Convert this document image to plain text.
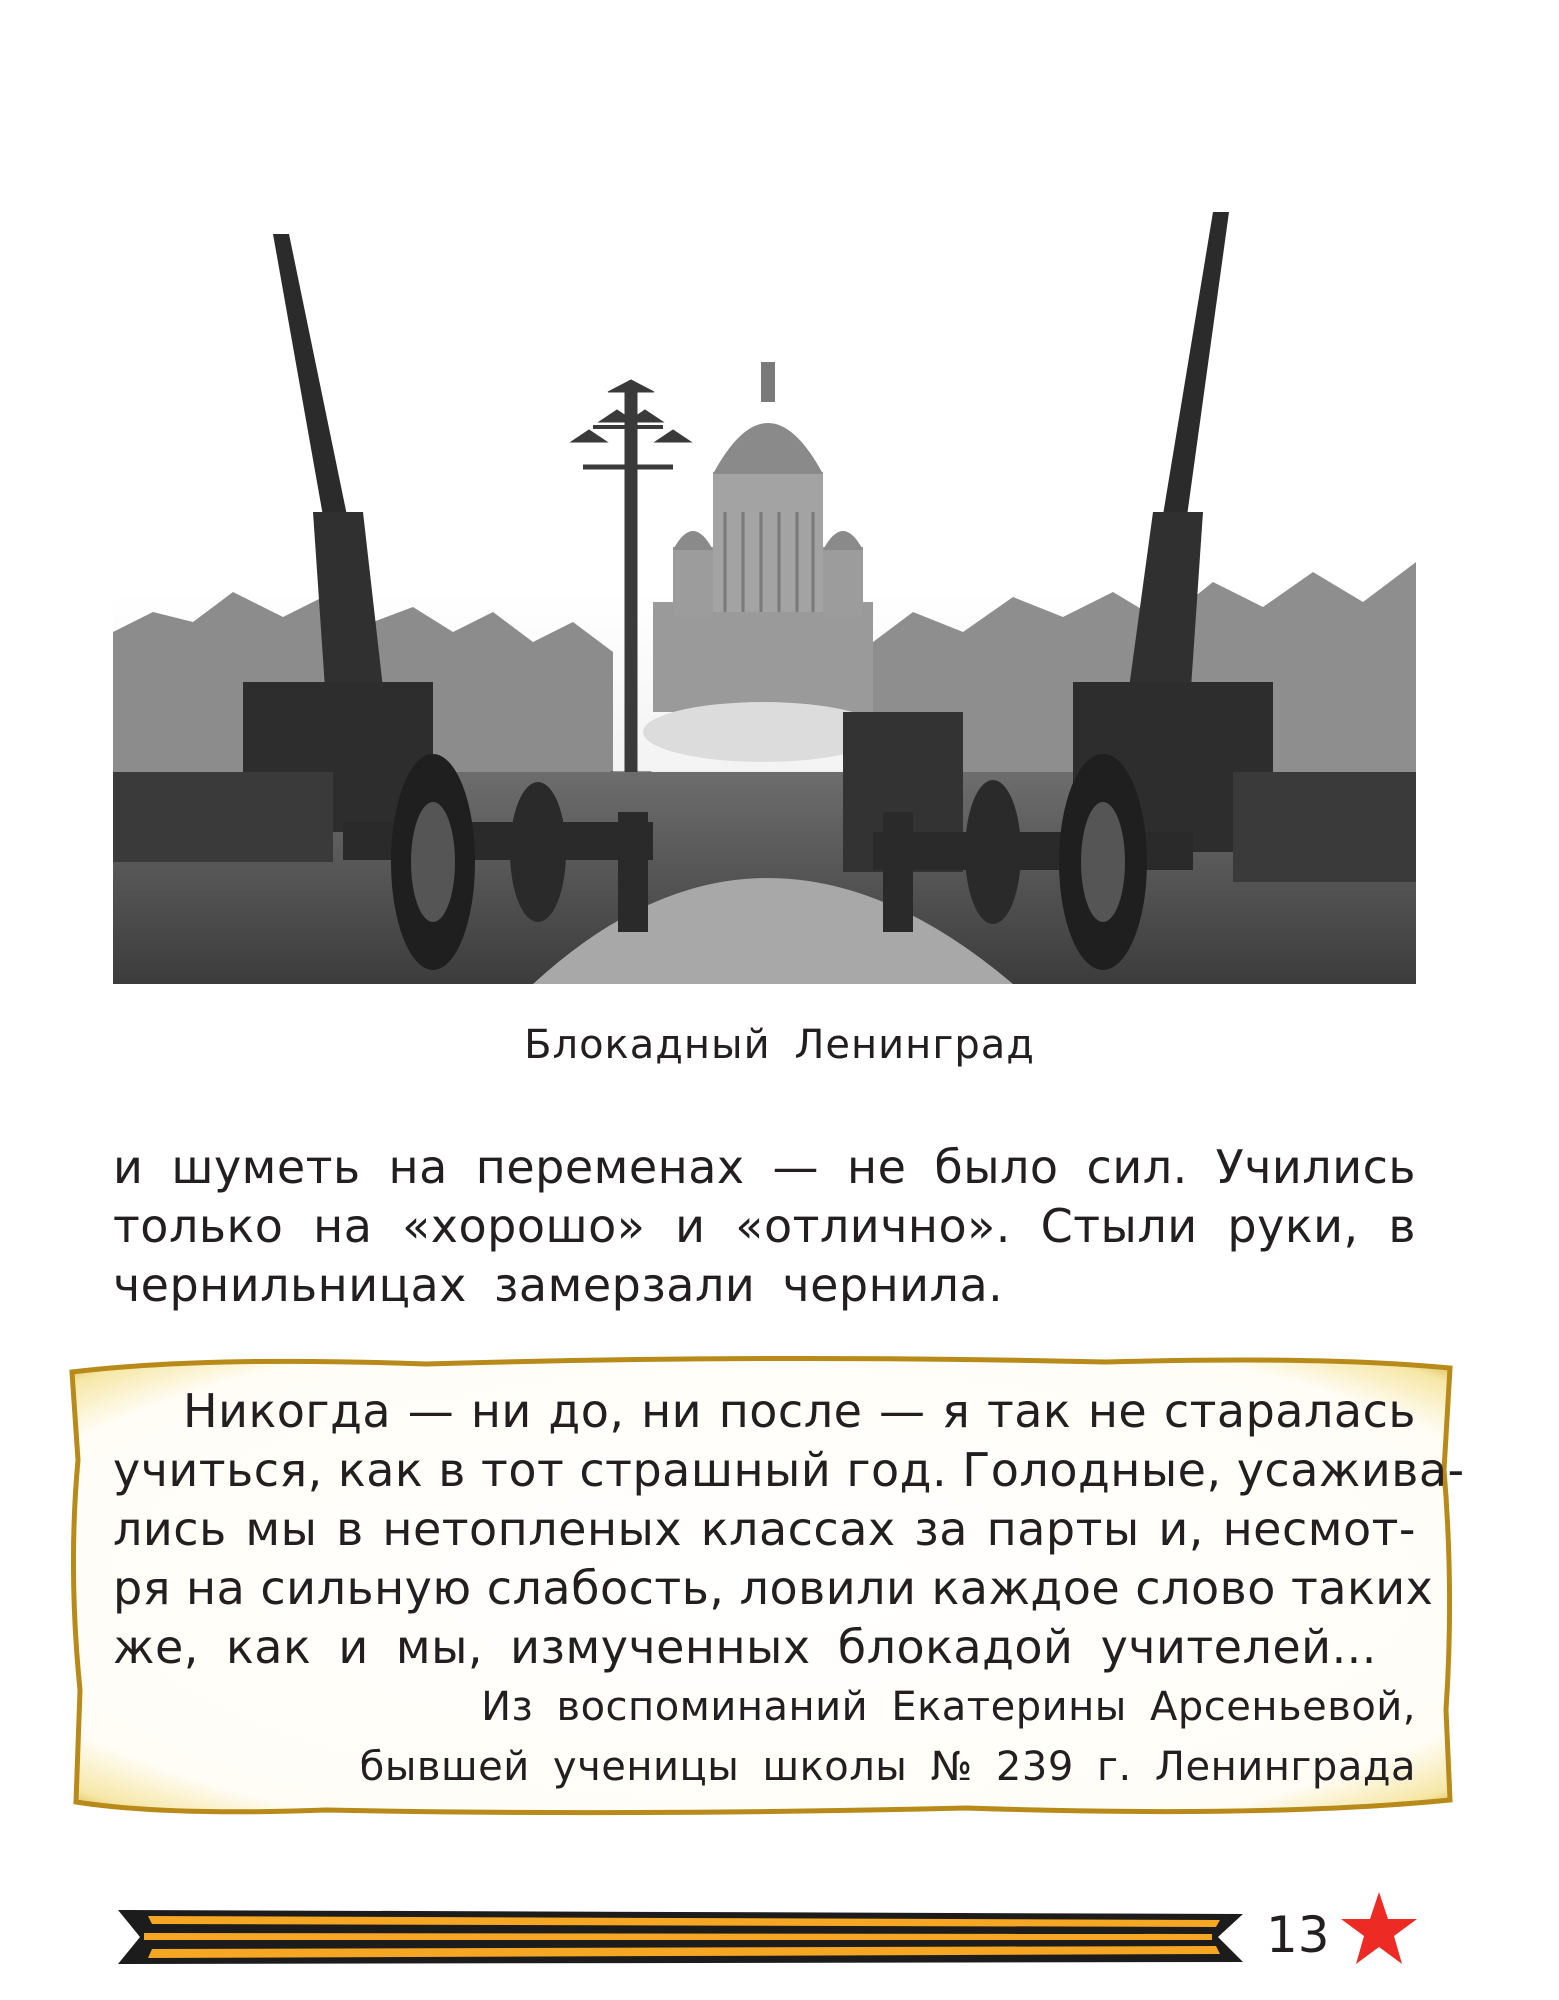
Блокадный Ленинград
и шуметь на переменах — не было сил. Учились
только на «хорошо» и «отлично». Стыли руки, в
чернильницах замерзали чернила.
Никогда — ни до, ни после — я так не старалась
учиться, как в тот страшный год. Голодные, усажива-
лись мы в нетопленых классах за парты и, несмот-
ря на сильную слабость, ловили каждое слово таких
же, как и мы, измученных блокадой учителей...
Из воспоминаний Екатерины Арсеньевой,
бывшей ученицы школы № 239 г. Ленинграда
13
